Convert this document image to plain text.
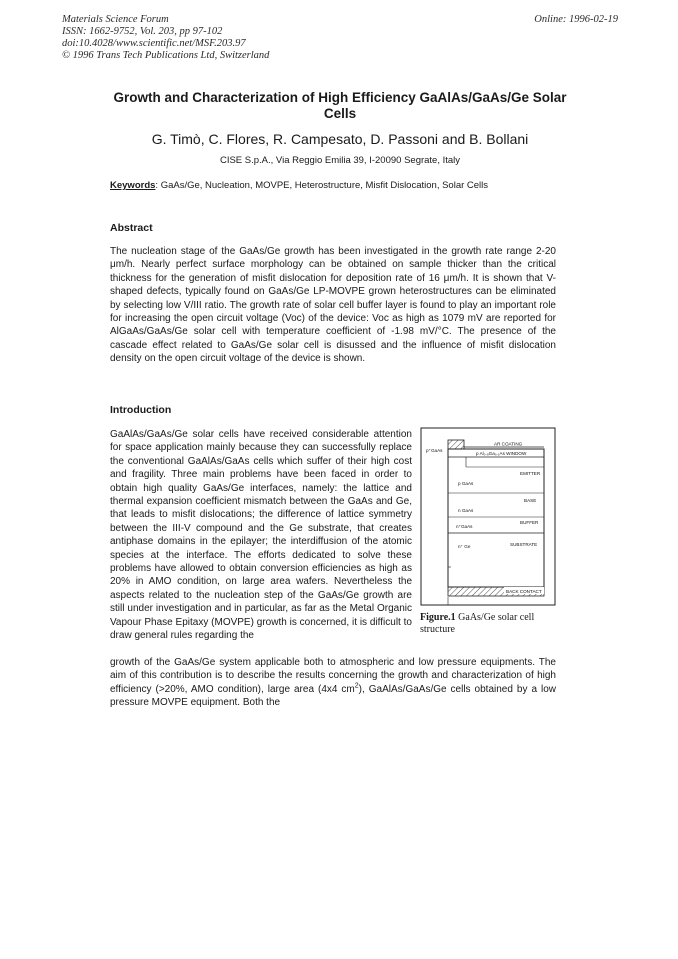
Materials Science Forum
ISSN: 1662-9752, Vol. 203, pp 97-102
doi:10.4028/www.scientific.net/MSF.203.97
© 1996 Trans Tech Publications Ltd, Switzerland
Online: 1996-02-19
Growth and Characterization of High Efficiency GaAlAs/GaAs/Ge Solar Cells
G. Timò, C. Flores, R. Campesato, D. Passoni and B. Bollani
CISE S.p.A., Via Reggio Emilia 39, I-20090 Segrate, Italy
Keywords: GaAs/Ge, Nucleation, MOVPE, Heterostructure, Misfit Dislocation, Solar Cells
Abstract
The nucleation stage of the GaAs/Ge growth has been investigated in the growth rate range 2-20 μm/h. Nearly perfect surface morphology can be obtained on sample thicker than the critical thickness for the generation of misfit dislocation for deposition rate of 16 μm/h. It is shown that V-shaped defects, typically found on GaAs/Ge LP-MOVPE grown heterostructures can be eliminated by selecting low V/III ratio. The growth rate of solar cell buffer layer is found to play an important role for increasing the open circuit voltage (Voc) of the device: Voc as high as 1079 mV are reported for AlGaAs/GaAs/Ge solar cell with temperature coefficient of -1.98 mV/°C. The presence of the cascade effect related to GaAs/Ge solar cell is disussed and the influence of misfit dislocation density on the open circuit voltage of the device is shown.
Introduction
GaAlAs/GaAs/Ge solar cells have received considerable attention for space application mainly because they can successfully replace the conventional GaAlAs/GaAs cells which suffer of their high cost and fragility. Three main problems have been faced in order to obtain high quality GaAs/Ge interfaces, namely: the lattice and thermal expansion coefficient mismatch between the GaAs and Ge, that leads to misfit dislocations; the difference of lattice symmetry between the III-V compound and the Ge substrate, that creates antiphase domains in the epilayer; the interdiffusion of the atomic species at the interface. The efforts dedicated to solve these problems have allowed to obtain conversion efficiencies as high as 20% in AMO condition, on large area wafers. Nevertheless the aspects related to the nucleation step of the GaAs/Ge growth are still under investigation and in particular, as far as the Metal Organic Vapour Phase Epitaxy (MOVPE) growth is concerned, it is difficult to draw general rules regarding the
growth of the GaAs/Ge system applicable both to atmospheric and low pressure equipments. The aim of this contribution is to describe the results concerning the growth and characterization of high efficiency (>20%, AMO condition), large area (4x4 $cm^2$), GaAlAs/GaAs/Ge cells obtained by a low pressure MOVPE equipment. Both the
p⁺GaAs
AR COATING
p Al₀.₉Ga₀.₁As WINDOW
EMITTER
p GaAs
BASE
n GaAs
BUFFER
n⁺GaAs
SUBSTRATE
n⁺ Ge
BACK CONTACT
Figure.1 GaAs/Ge solar cell structure
